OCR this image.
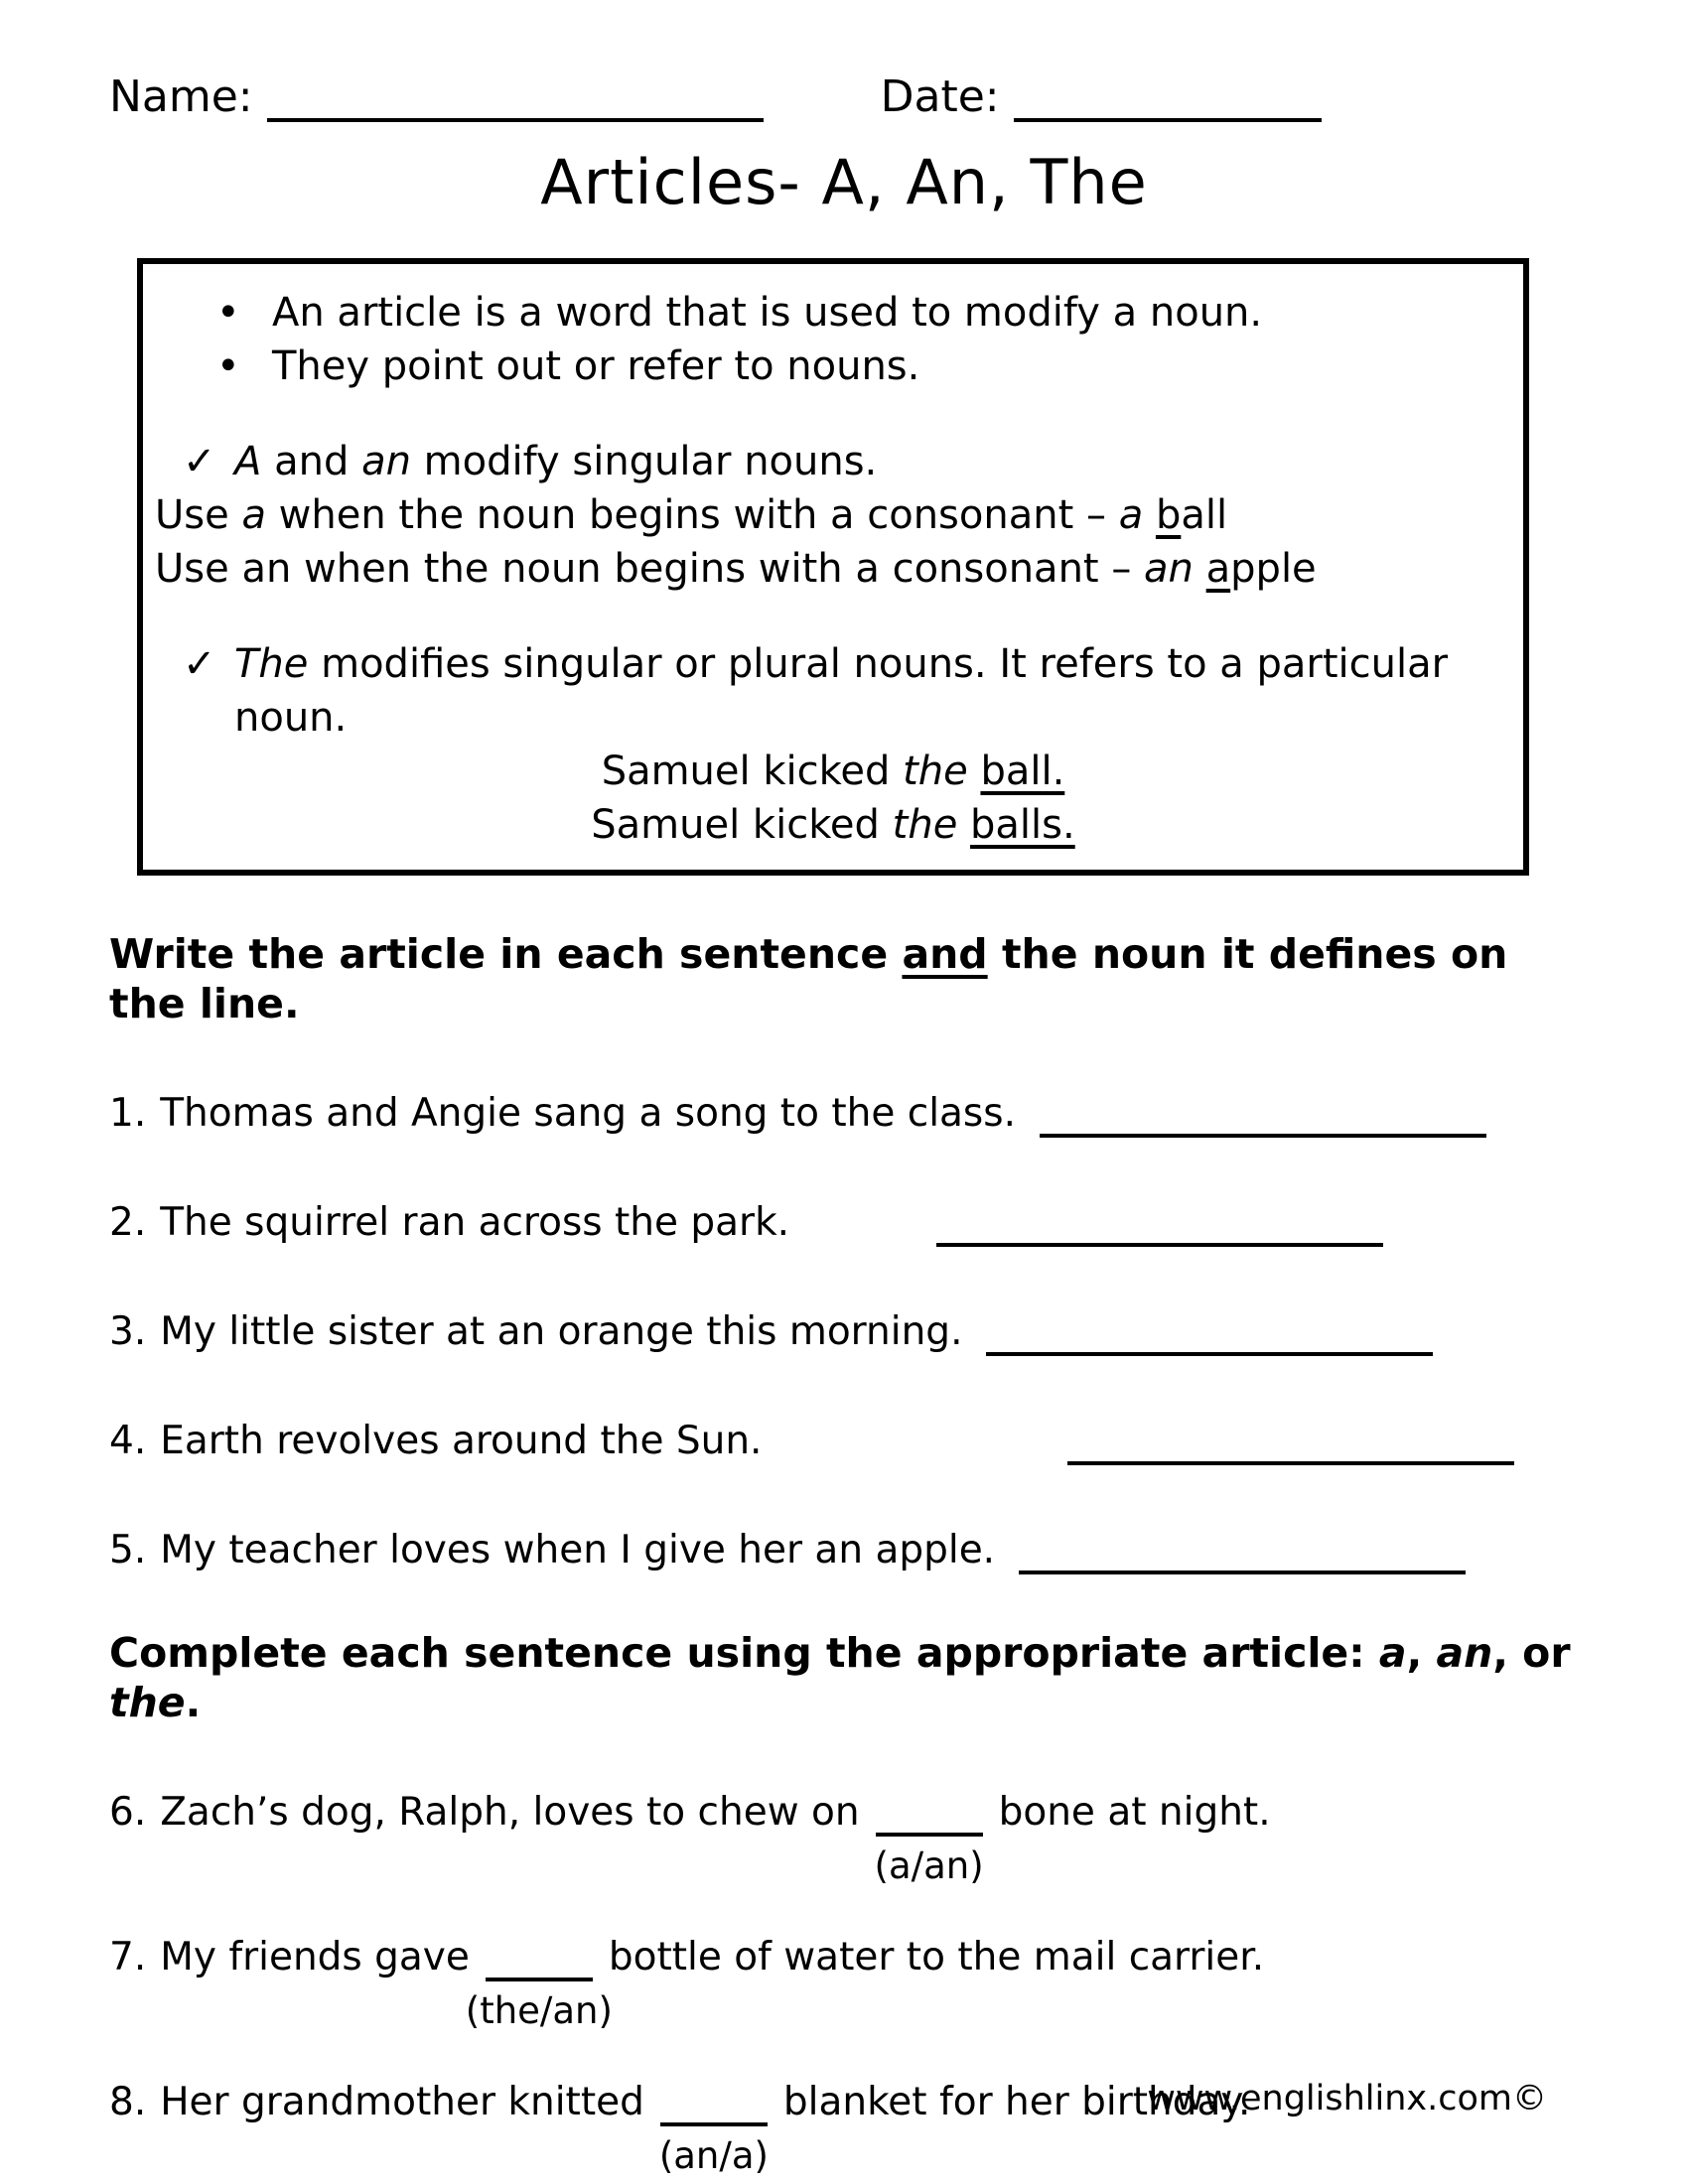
Name:	Date:
Articles- A, An, The
• An article is a word that is used to modify a noun.
• They point out or refer to nouns.
✓ A and an modify singular nouns.
Use a when the noun begins with a consonant – a ball
Use an when the noun begins with a consonant – an apple
✓ The modifies singular or plural nouns. It refers to a particular noun.
Samuel kicked the ball.
Samuel kicked the balls.
Write the article in each sentence and the noun it defines on the line.
1. Thomas and Angie sang a song to the class.
2. The squirrel ran across the park.
3. My little sister at an orange this morning.
4. Earth revolves around the Sun.
5. My teacher loves when I give her an apple.
Complete each sentence using the appropriate article: a, an, or the.
6. Zach’s dog, Ralph, loves to chew on
(a/an)
bone at night.
7. My friends gave
(the/an)
bottle of water to the mail carrier.
8. Her grandmother knitted
(an/a)
blanket for her birthday.
www.englishlinx.com©
